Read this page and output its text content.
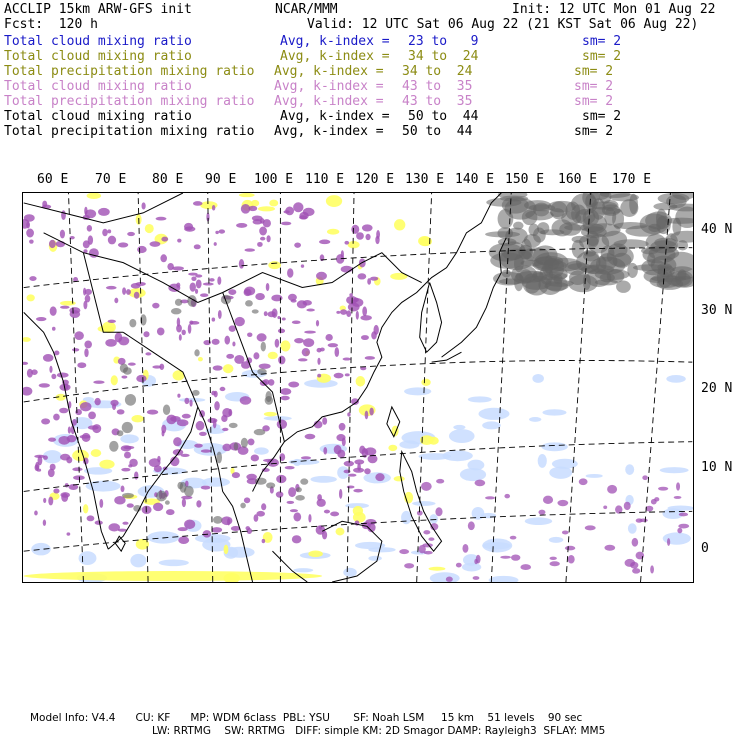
ACCLIP 15km ARW-GFS init	NCAR/MMM	Init: 12 UTC Mon 01 Aug 22
Fcst:  120 h	Valid: 12 UTC Sat 06 Aug 22 (21 KST Sat 06 Aug 22)
Total cloud mixing ratio	Avg, k-index = 23 to   9	sm= 2
Total cloud mixing ratio	Avg, k-index = 34 to  24	sm= 2
Total precipitation mixing ratio Avg, k-index = 34 to  24	sm= 2
Total cloud mixing ratio	Avg, k-index = 43 to  35	sm= 2
Total precipitation mixing ratio Avg, k-index = 43 to  35	sm= 2
Total cloud mixing ratio	Avg, k-index = 50 to  44	sm= 2
Total precipitation mixing ratio Avg, k-index = 50 to  44	sm= 2
60 E 70 E 80 E 90 E 100 E 110 E 120 E 130 E 140 E 150 E 160 E 170 E
40 N
30 N
20 N
10 N
0
Model Info: V4.4      CU: KF      MP: WDM 6class  PBL: YSU       SF: Noah LSM     15 km    51 levels    90 sec
LW: RRTMG    SW: RRTMG   DIFF: simple KM: 2D Smagor DAMP: Rayleigh3  SFLAY: MM5
